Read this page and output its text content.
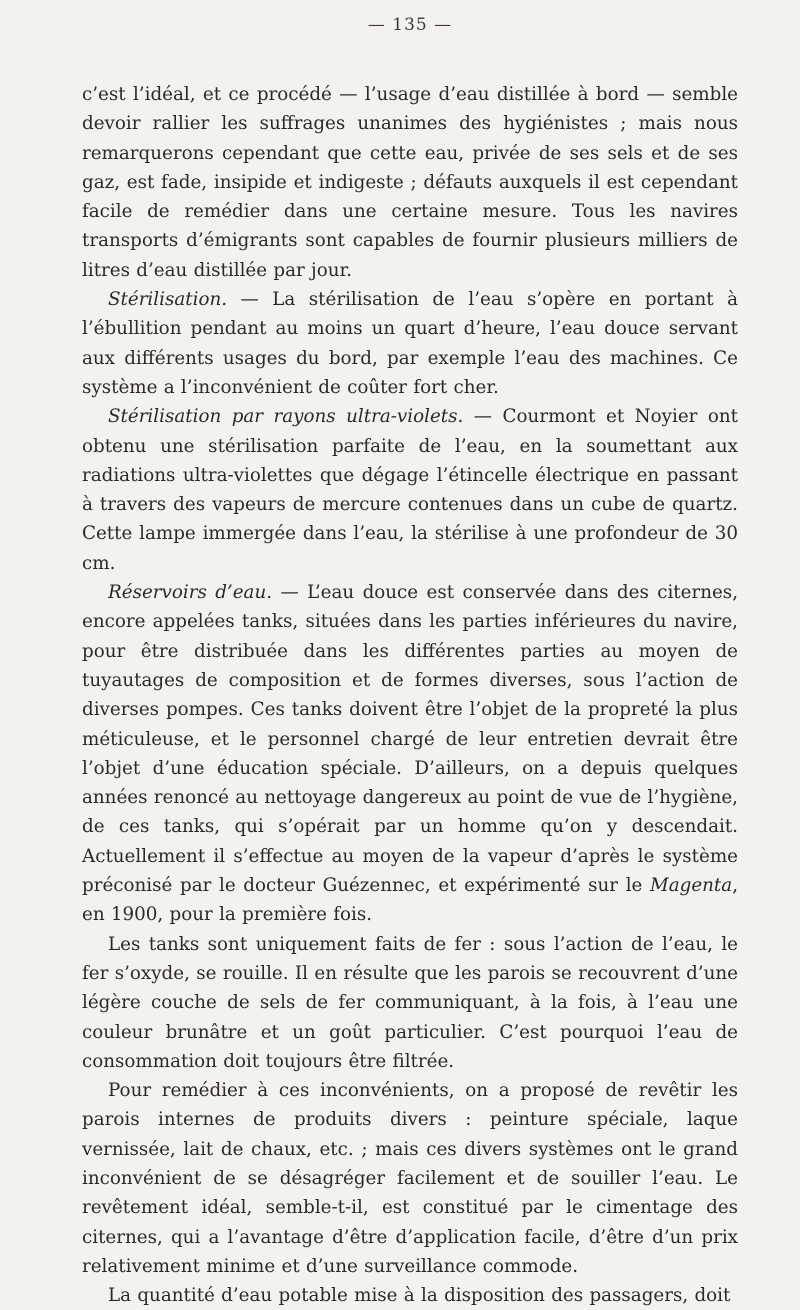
— 135 —

c’est l’idéal, et ce procédé — l’usage d’eau distillée à bord — semble devoir rallier les suffrages unanimes des hygiénistes ; mais nous remarquerons cependant que cette eau, privée de ses sels et de ses gaz, est fade, insipide et indigeste ; défauts auxquels il est cependant facile de remédier dans une certaine mesure. Tous les navires transports d’émigrants sont capables de fournir plusieurs milliers de litres d’eau distillée par jour.

Stérilisation. — La stérilisation de l’eau s’opère en portant à l’ébullition pendant au moins un quart d’heure, l’eau douce servant aux différents usages du bord, par exemple l’eau des machines. Ce système a l’inconvénient de coûter fort cher.

Stérilisation par rayons ultra-violets. — Courmont et Noyier ont obtenu une stérilisation parfaite de l’eau, en la soumettant aux radiations ultra-violettes que dégage l’étincelle électrique en passant à travers des vapeurs de mercure contenues dans un cube de quartz. Cette lampe immergée dans l’eau, la stérilise à une profondeur de 30 cm.

Réservoirs d’eau. — L’eau douce est conservée dans des citernes, encore appelées tanks, situées dans les parties inférieures du navire, pour être distribuée dans les différentes parties au moyen de tuyautages de composition et de formes diverses, sous l’action de diverses pompes. Ces tanks doivent être l’objet de la propreté la plus méticuleuse, et le personnel chargé de leur entretien devrait être l’objet d’une éducation spéciale. D’ailleurs, on a depuis quelques années renoncé au nettoyage dangereux au point de vue de l’hygiène, de ces tanks, qui s’opérait par un homme qu’on y descendait. Actuellement il s’effectue au moyen de la vapeur d’après le système préconisé par le docteur Guézennec, et expérimenté sur le Magenta, en 1900, pour la première fois.

Les tanks sont uniquement faits de fer : sous l’action de l’eau, le fer s’oxyde, se rouille. Il en résulte que les parois se recouvrent d’une légère couche de sels de fer communiquant, à la fois, à l’eau une couleur brunâtre et un goût particulier. C’est pourquoi l’eau de consommation doit toujours être filtrée.

Pour remédier à ces inconvénients, on a proposé de revêtir les parois internes de produits divers : peinture spéciale, laque vernissée, lait de chaux, etc. ; mais ces divers systèmes ont le grand inconvénient de se désagréger facilement et de souiller l’eau. Le revêtement idéal, semble-t-il, est constitué par le cimentage des citernes, qui a l’avantage d’être d’application facile, d’être d’un prix relativement minime et d’une surveillance commode.

La quantité d’eau potable mise à la disposition des passagers, doit
